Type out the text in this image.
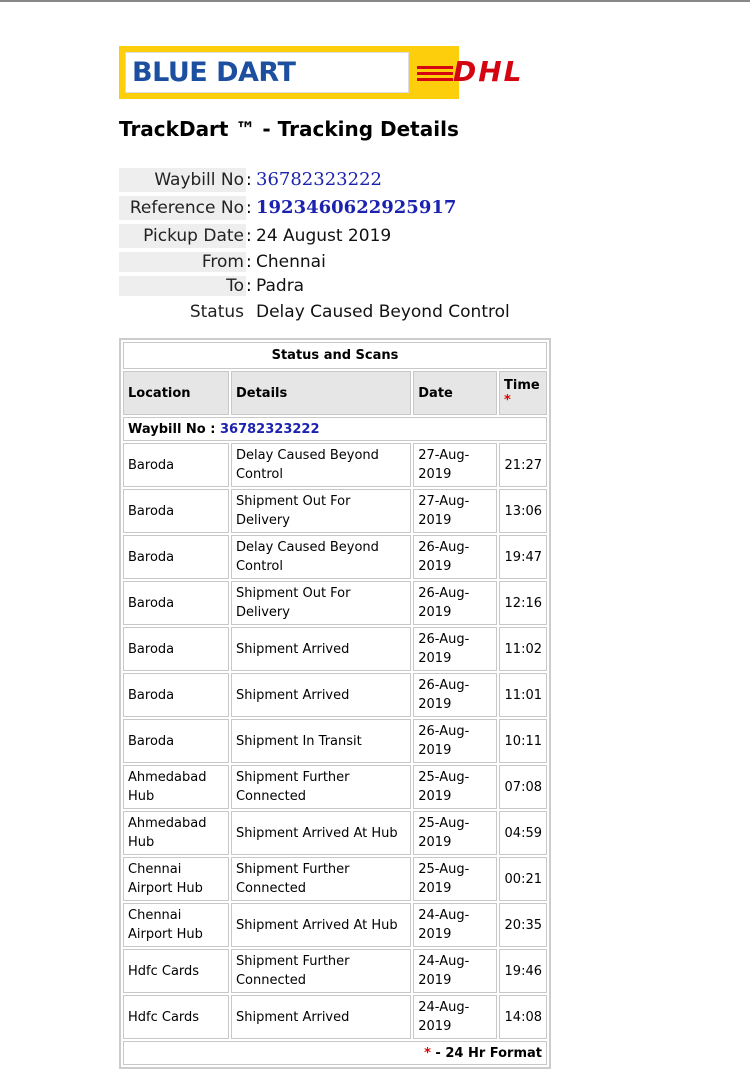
BLUE DART	DHL
TrackDart ™ - Tracking Details
Waybill No : 36782323222
Reference No : 1923460622925917
Pickup Date : 24 August 2019
From : Chennai
To : Padra
Status Delay Caused Beyond Control
Status and Scans			
Location	Details	Date	Time
*
Waybill No : 36782323222			
Baroda	Delay Caused Beyond Control	27-Aug-2019	21:27
Baroda	Shipment Out For Delivery	27-Aug-2019	13:06
Baroda	Delay Caused Beyond Control	26-Aug-2019	19:47
Baroda	Shipment Out For Delivery	26-Aug-2019	12:16
Baroda	Shipment Arrived	26-Aug-2019	11:02
Baroda	Shipment Arrived	26-Aug-2019	11:01
Baroda	Shipment In Transit	26-Aug-2019	10:11
Ahmedabad Hub	Shipment Further Connected	25-Aug-2019	07:08
Ahmedabad Hub	Shipment Arrived At Hub	25-Aug-2019	04:59
Chennai Airport Hub	Shipment Further Connected	25-Aug-2019	00:21
Chennai Airport Hub	Shipment Arrived At Hub	24-Aug-2019	20:35
Hdfc Cards	Shipment Further Connected	24-Aug-2019	19:46
Hdfc Cards	Shipment Arrived	24-Aug-2019	14:08
* - 24 Hr Format			
